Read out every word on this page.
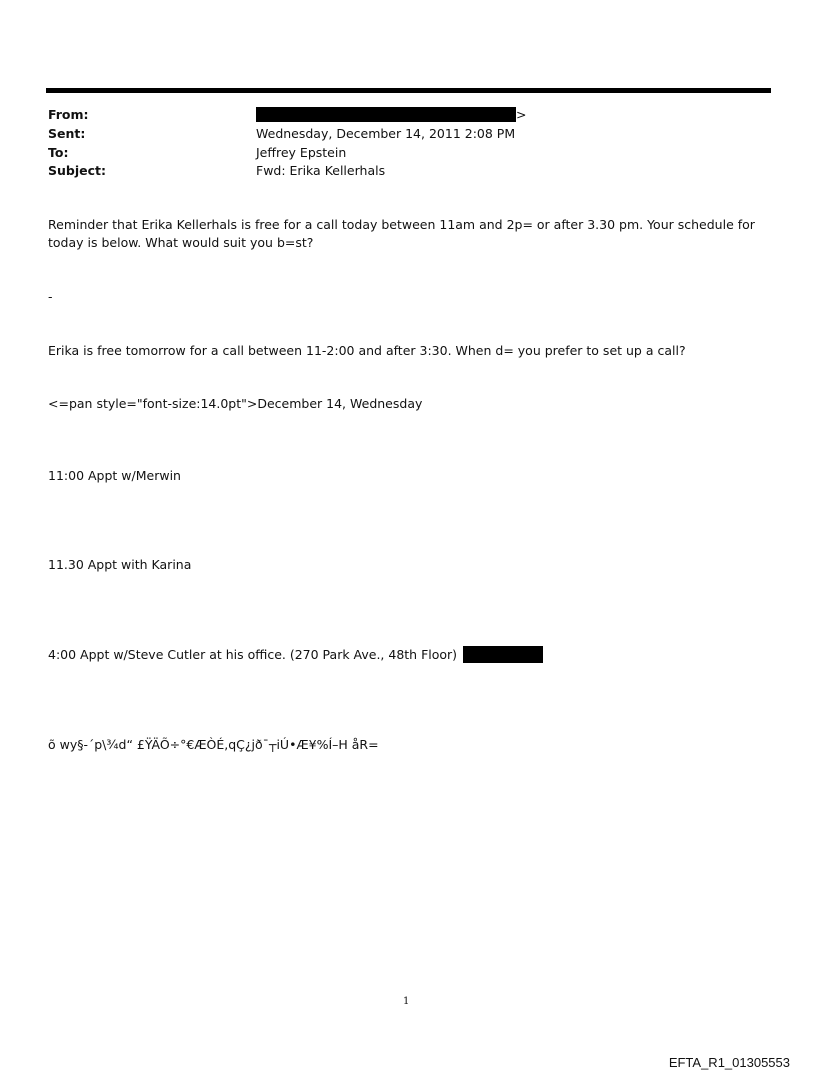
From:	>
Sent:	Wednesday, December 14, 2011 2:08 PM
To:	Jeffrey Epstein
Subject:	Fwd: Erika Kellerhals
Reminder that Erika Kellerhals is free for a call today between 11am and 2p= or after 3.30 pm. Your schedule for today is below. What would suit you b=st?
-
Erika is free tomorrow for a call between 11-2:00 and after 3:30. When d= you prefer to set up a call?
<=pan style="font-size:14.0pt">December 14, Wednesday
11:00 Appt w/Merwin
11.30 Appt with Karina
4:00 Appt w/Steve Cutler at his office. (270 Park Ave., 48th Floor)
õ wy§-´p\¾d“ £ŸÄÕ÷°€ÆÒÉ,qÇ¿jð¯┬iÚ•Æ¥%Í–H åR=
1
EFTA_R1_01305553
